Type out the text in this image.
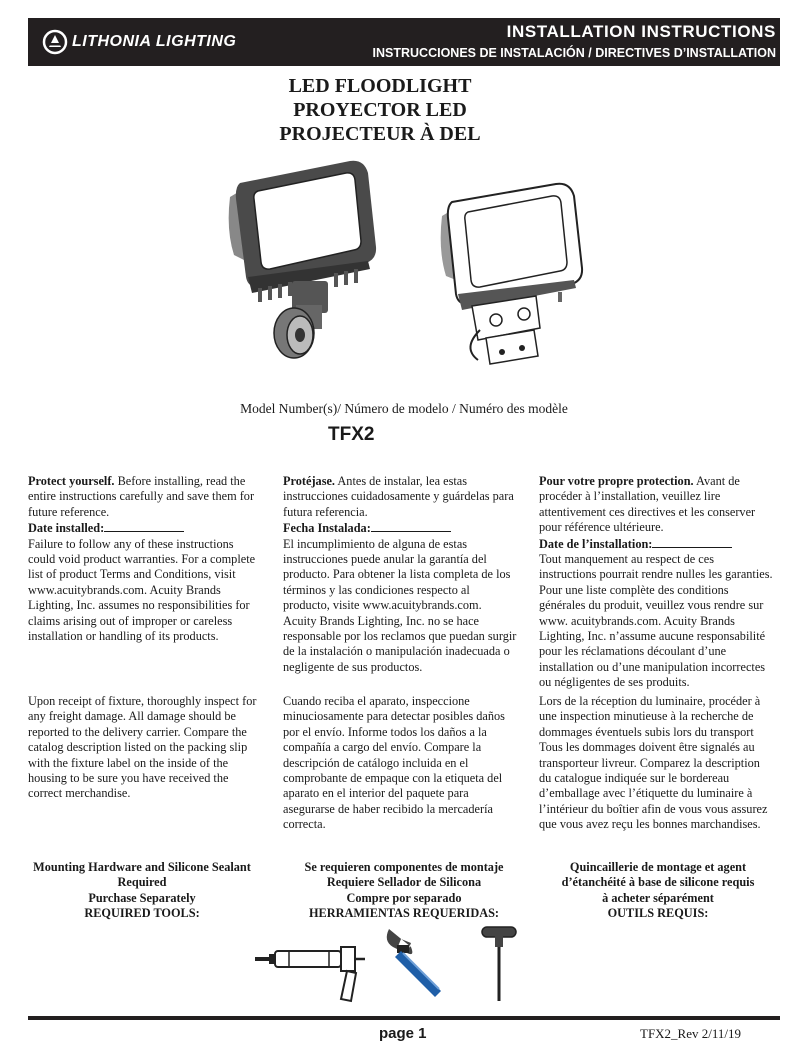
LITHONIA LIGHTING
INSTALLATION INSTRUCTIONS
INSTRUCCIONES DE INSTALACIÓN / DIRECTIVES D’INSTALLATION
LED FLOODLIGHT
PROYECTOR LED
PROJECTEUR À DEL
Model Number(s)/ Número de modelo / Numéro des modèle
TFX2

Protect yourself. Before installing, read the entire instructions carefully and save them for future reference.

Date installed:

Failure to follow any of these instructions could void product warranties. For a complete list of product Terms and Conditions, visit www.acuitybrands.com. Acuity Brands Lighting, Inc. assumes no responsibilities for claims arising out of improper or careless installation or handling of its products.

Upon receipt of fixture, thoroughly inspect for any freight damage. All damage should be reported to the delivery carrier. Compare the catalog description listed on the packing slip with the fixture label on the inside of the housing to be sure you have received the correct merchandise.

Protéjase. Antes de instalar, lea estas instrucciones cuidadosamente y guárdelas para futura referencia.

Fecha Instalada:

El incumplimiento de alguna de estas instrucciones puede anular la garantía del producto. Para obtener la lista completa de los términos y las condiciones respecto al producto, visite www.acuitybrands.com. Acuity Brands Lighting, Inc. no se hace responsable por los reclamos que puedan surgir de la instalación o manipulación inadecuada o negligente de sus productos.

Cuando reciba el aparato, inspeccione minuciosamente para detectar posibles daños por el envío. Informe todos los daños a la compañía a cargo del envío. Compare la descripción de catálogo incluida en el comprobante de empaque con la etiqueta del aparato en el interior del paquete para asegurarse de haber recibido la mercadería correcta.

Pour votre propre protection. Avant de procéder à l’installation, veuillez lire attentivement ces directives et les conserver pour référence ultérieure.

Date de l’installation:

Tout manquement au respect de ces instructions pourrait rendre nulles les garanties. Pour une liste complète des conditions générales du produit, veuillez vous rendre sur www. acuitybrands.com. Acuity Brands Lighting, Inc. n’assume aucune responsabilité pour les réclamations découlant d’une installation ou d’une manipulation incorrectes ou négligentes de ses produits.

Lors de la réception du luminaire, procéder à une inspection minutieuse à la recherche de dommages éventuels subis lors du transport Tous les dommages doivent être signalés au transporteur livreur. Comparez la description du catalogue indiquée sur le bordereau d’emballage avec l’étiquette du luminaire à l’intérieur du boîtier afin de vous vous assurez que vous avez reçu les bonnes marchandises.
Mounting Hardware and Silicone Sealant
Required
Purchase Separately
REQUIRED TOOLS:
Se requieren componentes de montaje
Requiere Sellador de Silicona
Compre por separado
HERRAMIENTAS REQUERIDAS:
Quincaillerie de montage et agent
d’étanchéité à base de silicone requis
à acheter séparément
OUTILS REQUIS:
page 1	TFX2_Rev 2/11/19
